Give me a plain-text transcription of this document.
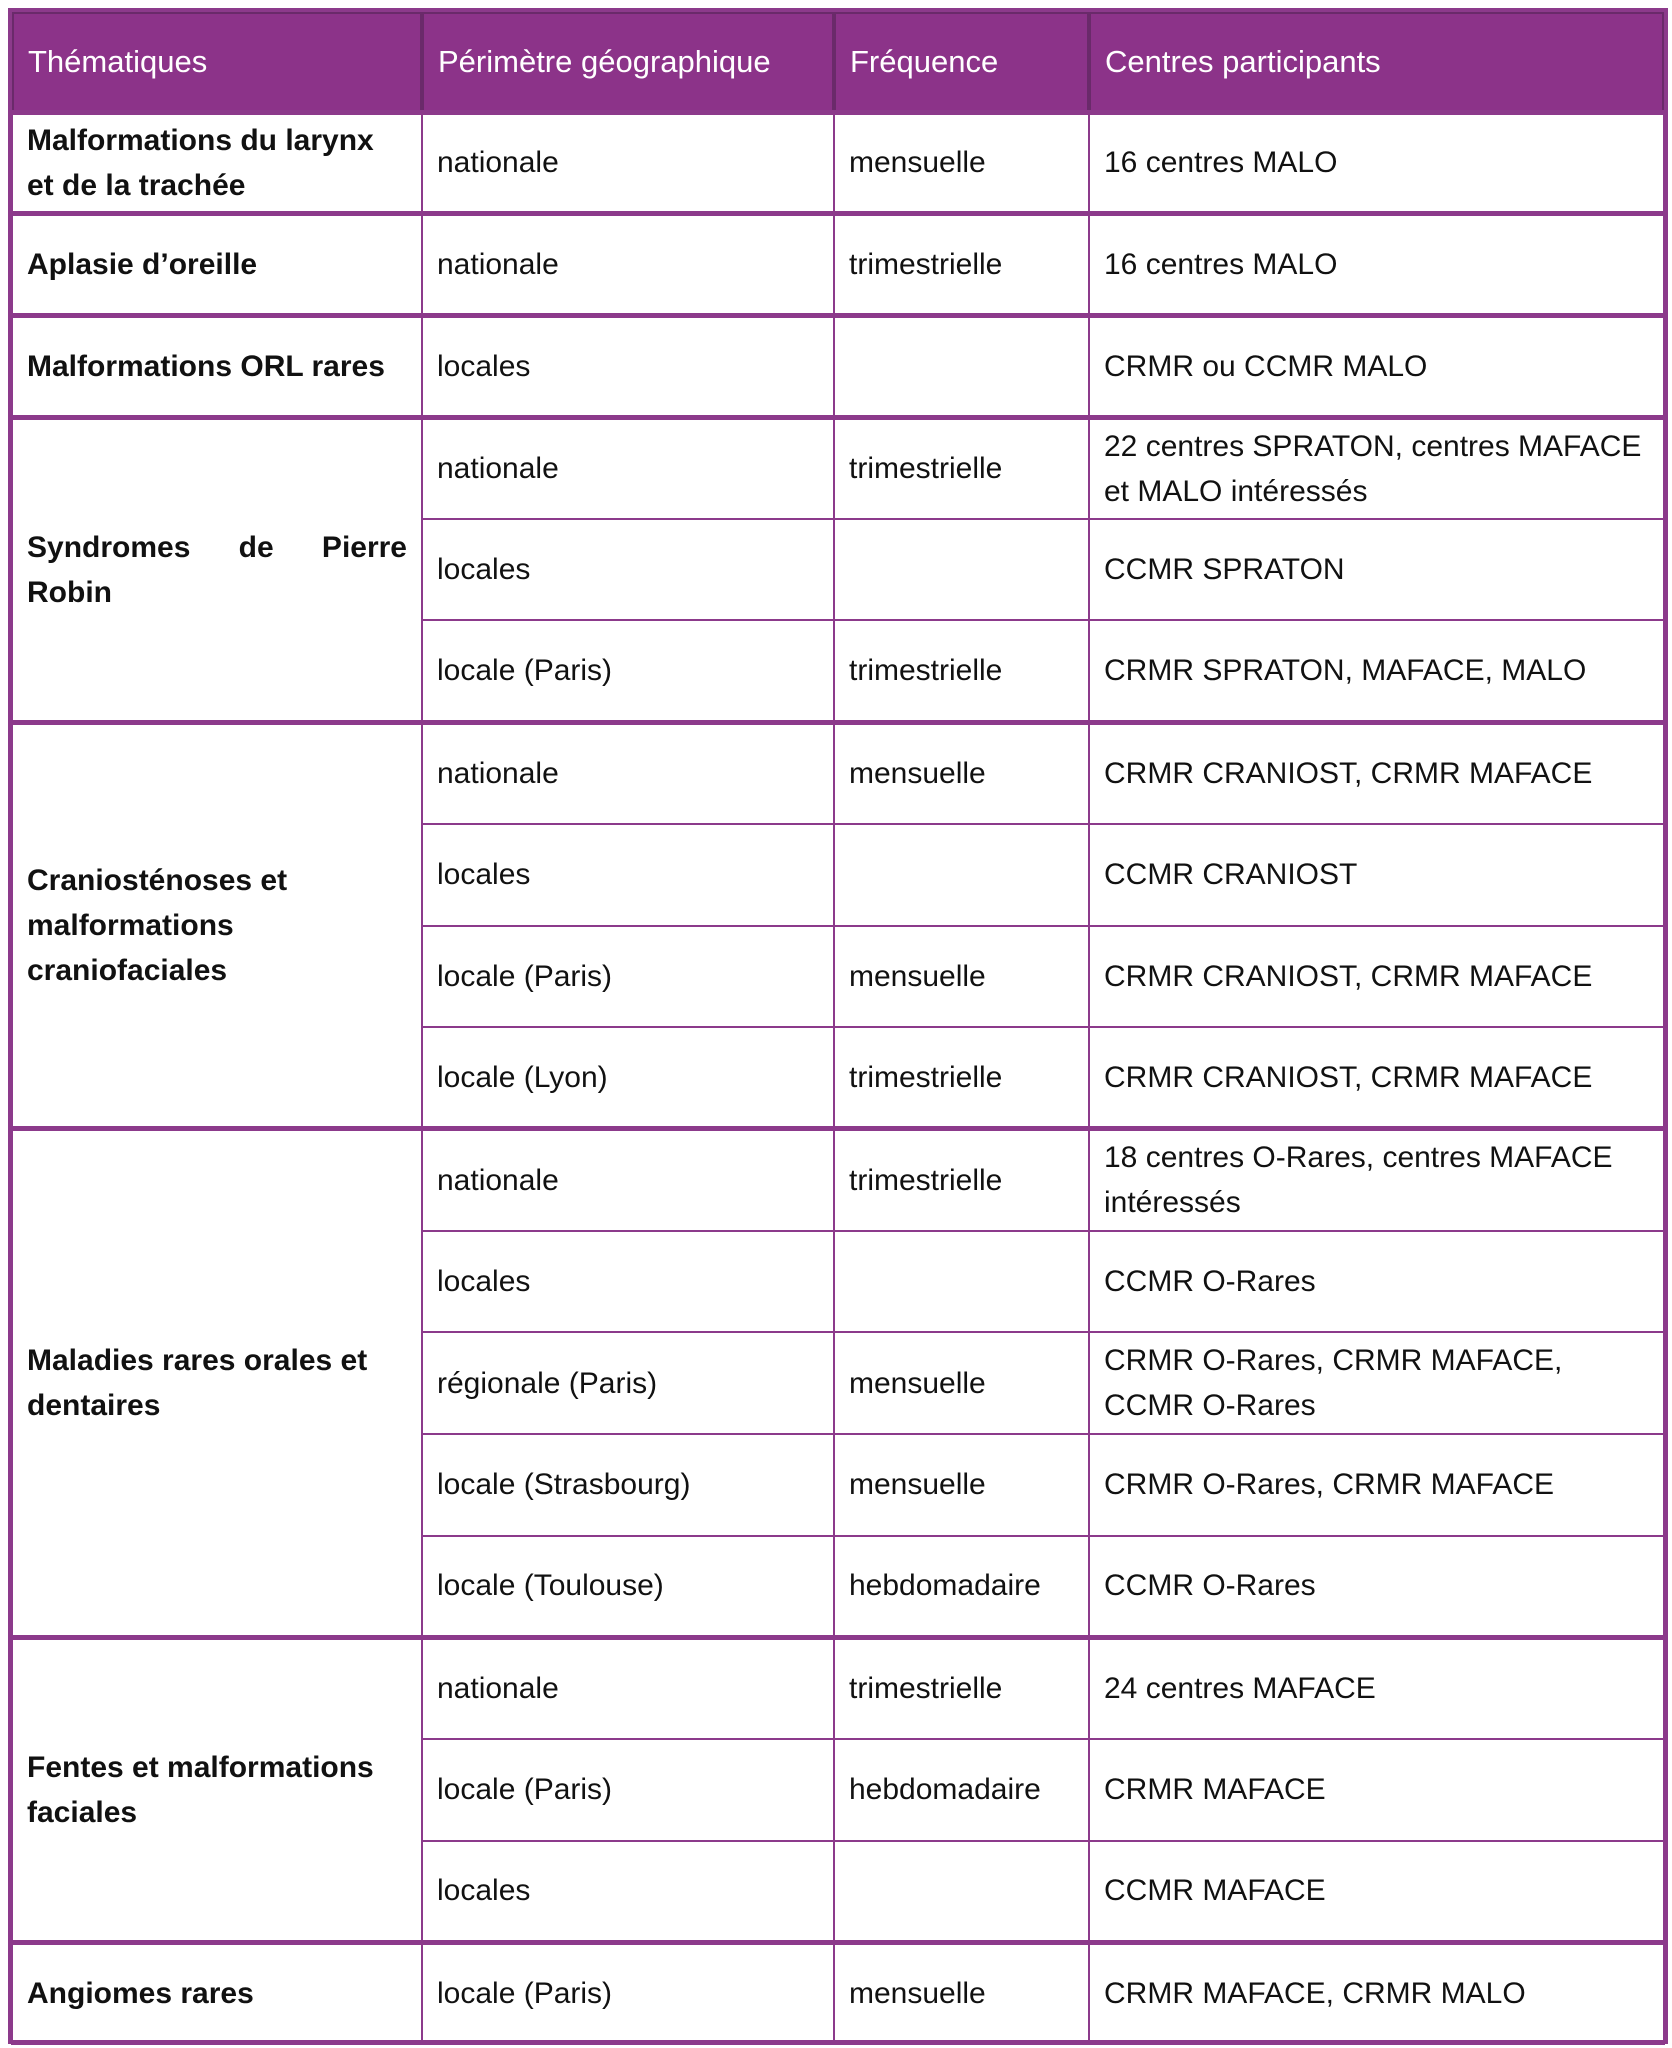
Thématiques	Périmètre géographique	Fréquence	Centres participants
Malformations du larynx et de la trachée	nationale	mensuelle	16 centres MALO
Aplasie d’oreille	nationale	trimestrielle	16 centres MALO
Malformations ORL rares	locales		CRMR ou CCMR MALO
Syndromes de Pierre Robin	nationale	trimestrielle	22 centres SPRATON, centres MAFACE et MALO intéressés
	locales		CCMR SPRATON
	locale (Paris)	trimestrielle	CRMR SPRATON, MAFACE, MALO
Craniosténoses et malformations craniofaciales	nationale	mensuelle	CRMR CRANIOST, CRMR MAFACE
	locales		CCMR CRANIOST
	locale (Paris)	mensuelle	CRMR CRANIOST, CRMR MAFACE
	locale (Lyon)	trimestrielle	CRMR CRANIOST, CRMR MAFACE
Maladies rares orales et dentaires	nationale	trimestrielle	18 centres O-Rares, centres MAFACE intéressés
	locales		CCMR O-Rares
	régionale (Paris)	mensuelle	CRMR O-Rares, CRMR MAFACE, CCMR O-Rares
	locale (Strasbourg)	mensuelle	CRMR O-Rares, CRMR MAFACE
	locale (Toulouse)	hebdomadaire	CCMR O-Rares
Fentes et malformations faciales	nationale	trimestrielle	24 centres MAFACE
	locale (Paris)	hebdomadaire	CRMR MAFACE
	locales		CCMR MAFACE
Angiomes rares	locale (Paris)	mensuelle	CRMR MAFACE, CRMR MALO
